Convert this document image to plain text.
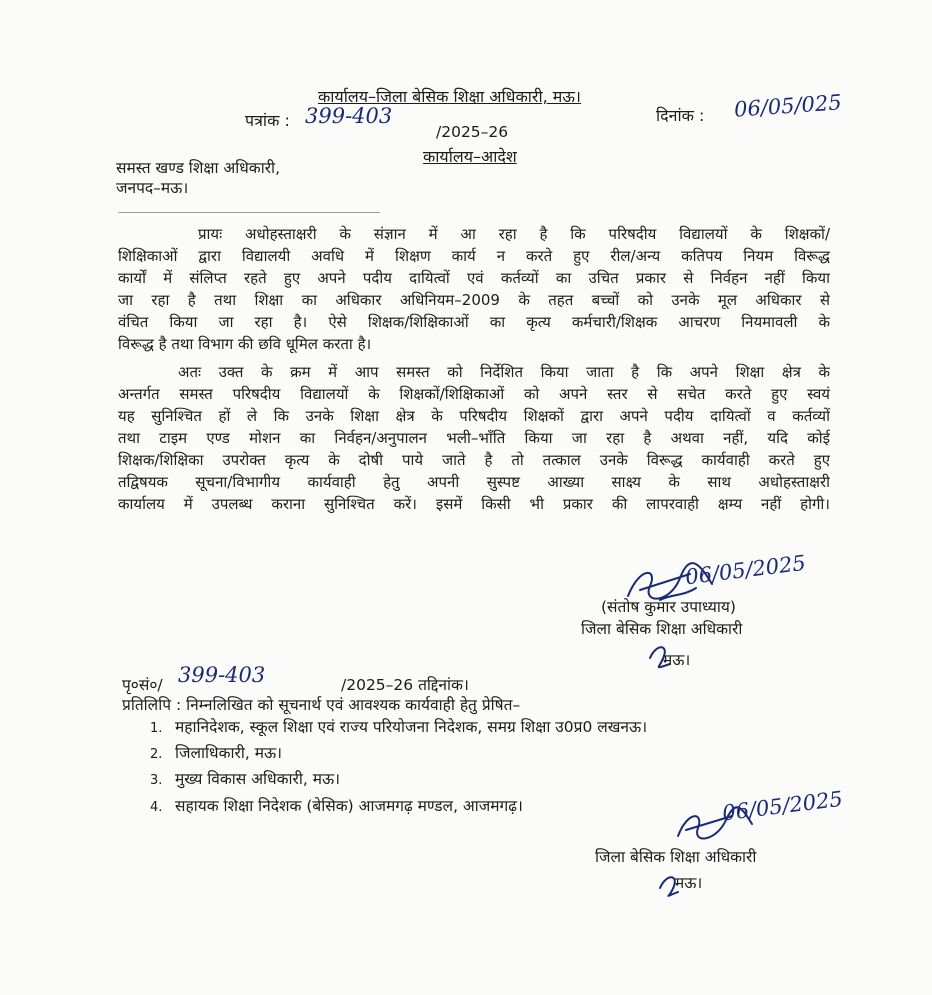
कार्यालय–जिला बेसिक शिक्षा अधिकारी, मऊ।
पत्रांक : 399-403
/2025–26
दिनांक : 06/05/025
कार्यालय–आदेश
समस्त खण्ड शिक्षा अधिकारी,
जनपद–मऊ।
प्रायः अधोहस्ताक्षरी के संज्ञान में आ रहा है कि परिषदीय विद्यालयों के शिक्षकों/
शिक्षिकाओं द्वारा विद्यालयी अवधि में शिक्षण कार्य न करते हुए रील/अन्य कतिपय नियम विरूद्ध
कार्यों में संलिप्त रहते हुए अपने पदीय दायित्वों एवं कर्तव्यों का उचित प्रकार से निर्वहन नहीं किया
जा रहा है तथा शिक्षा का अधिकार अधिनियम–2009 के तहत बच्चों को उनके मूल अधिकार से
वंचित किया जा रहा है। ऐसे शिक्षक/शिक्षिकाओं का कृत्य कर्मचारी/शिक्षक आचरण नियमावली के
विरूद्ध है तथा विभाग की छवि धूमिल करता है।
अतः उक्त के क्रम में आप समस्त को निर्देशित किया जाता है कि अपने शिक्षा क्षेत्र के
अन्तर्गत समस्त परिषदीय विद्यालयों के शिक्षकों/शिक्षिकाओं को अपने स्तर से सचेत करते हुए स्वयं
यह सुनिश्चित हों ले कि उनके शिक्षा क्षेत्र के परिषदीय शिक्षकों द्वारा अपने पदीय दायित्वों व कर्तव्यों
तथा टाइम एण्ड मोशन का निर्वहन/अनुपालन भली–भाँति किया जा रहा है अथवा नहीं, यदि कोई
शिक्षक/शिक्षिका उपरोक्त कृत्य के दोषी पाये जाते है तो तत्काल उनके विरूद्ध कार्यवाही करते हुए
तद्विषयक सूचना/विभागीय कार्यवाही हेतु अपनी सुस्पष्ट आख्या साक्ष्य के साथ अधोहस्ताक्षरी
कार्यालय में उपलब्ध कराना सुनिश्चित करें। इसमें किसी भी प्रकार की लापरवाही क्षम्य नहीं होगी।
06/05/2025
(संतोष कुमार उपाध्याय)
जिला बेसिक शिक्षा अधिकारी
मऊ।
पृ०सं०/ 399-403	/2025–26 तद्दिनांक।
प्रतिलिपि : निम्नलिखित को सूचनार्थ एवं आवश्यक कार्यवाही हेतु प्रेषित–
1. महानिदेशक, स्कूल शिक्षा एवं राज्य परियोजना निदेशक, समग्र शिक्षा उ0प्र0 लखनऊ।
2. जिलाधिकारी, मऊ।
3. मुख्य विकास अधिकारी, मऊ।
4. सहायक शिक्षा निदेशक (बेसिक) आजमगढ़ मण्डल, आजमगढ़।	06/05/2025
जिला बेसिक शिक्षा अधिकारी
मऊ।
